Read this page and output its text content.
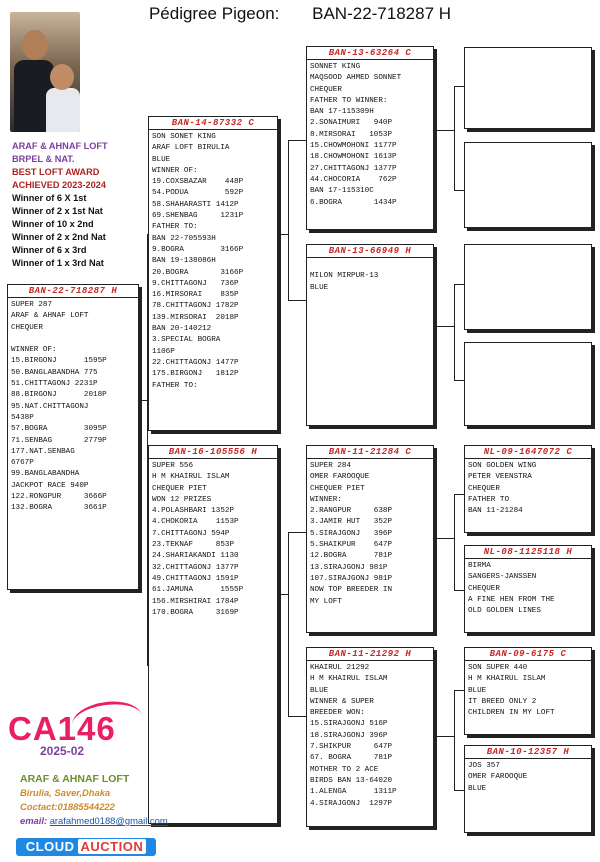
Pédigree Pigeon: BAN-22-718287 H
ARAF & AHNAF LOFT
BRPEL & NAT.
BEST LOFT AWARD
ACHIEVED 2023-2024
Winner of 6 X 1st
Winner of 2 x 1st Nat
Winner of 10 x 2nd
Winner of 2 x 2nd Nat
Winner of 6 x 3rd
Winner of 1 x 3rd Nat
BAN-22-718287 H
SUPER 287
ARAF & AHNAF LOFT
CHEQUER

WINNER OF:
15.BIRGONJ      1595P
50.BANGLABANDHA 775
51.CHITTAGONJ 2231P
88.BIRGONJ      2018P
95.NAT.CHITTAGONJ
5438P
57.BOGRA        3095P
71.SENBAG       2779P
177.NAT.SENBAG
6767P
99.BANGLABANDHA
JACKPOT RACE 940P
122.RONGPUR     3666P
132.BOGRA       3661P
BAN-14-87332 C
SON SONET KING
ARAF LOFT BIRULIA
BLUE
WINNER OF:
19.COXSBAZAR    448P
54.PODUA        592P
58.SHAHARASTI 1412P
69.SHENBAG     1231P
FATHER TO:
BAN 22-705593H
9.BOGRA        3166P
BAN 19-138086H
20.BOGRA       3166P
9.CHITTAGONJ   736P
16.MIRSORAI    835P
78.CHITTAGONJ 1782P
139.MIRSORAI  2018P
BAN 20-140212
3.SPECIAL BOGRA
1106P
22.CHITTAGONJ 1477P
175.BIRGONJ   1812P
FATHER TO:
BAN-16-105556 H
SUPER 556
H M KHAIRUL ISLAM
CHEQUER PIET
WON 12 PRIZES
4.POLASHBARI 1352P
4.CHOKORIA    1153P
7.CHITTAGONJ 594P
23.TEKNAF     853P
24.SHARIAKANDI 1130
32.CHITTAGONJ 1377P
49.CHITTAGONJ 1591P
61.JAMUNA      1555P
156.MIRSHIRAI 1784P
170.BOGRA     3169P
BAN-13-63264 C
SONNET KING
MAQSOOD AHMED SONNET
CHEQUER
FATHER TO WINNER:
BAN 17-115309H
2.SONAIMURI   940P
8.MIRSORAI   1053P
15.CHOWMOHONI 1177P
18.CHOWMOHONI 1613P
27.CHITTAGONJ 1377P
44.CHOCORIA    762P
BAN 17-115310C
6.BOGRA       1434P
BAN-13-66949 H

MILON MIRPUR-13
BLUE
BAN-11-21284 C
SUPER 284
OMER FAROOQUE
CHEQUER PIET
WINNER:
2.RANGPUR     638P
3.JAMIR HUT   352P
5.SIRAJGONJ   396P
5.SHAIKPUR    647P
12.BOGRA      781P
13.SIRAJGONJ 981P
107.SIRAJGONJ 981P
NOW TOP BREEDER IN
MY LOFT
BAN-11-21292 H
KHAIRUL 21292
H M KHAIRUL ISLAM
BLUE
WINNER & SUPER
BREEDER WON:
15.SIRAJGONJ 516P
18.SIRAJGONJ 396P
7.SHIKPUR     647P
67. BOGRA     781P
MOTHER TO 2 ACE
BIRDS BAN 13-64020
1.ALENGA      1311P
4.SIRAJGONJ  1297P
NL-09-1647072 C
SON GOLDEN WING
PETER VEENSTRA
CHEQUER
FATHER TO
BAN 11-21284
NL-08-1125118 H
BIRMA
SANGERS-JANSSEN
CHEQUER
A FINE HEN FROM THE
OLD GOLDEN LINES
BAN-09-6175 C
SON SUPER 440
H M KHAIRUL ISLAM
BLUE
IT BREED ONLY 2
CHILDREN IN MY LOFT
BAN-10-12357 H
JOS 357
OMER FAROOQUE
BLUE
CA146
2025-02
ARAF & AHNAF LOFT
Birulia, Saver,Dhaka
Coctact:01885544222
email: arafahmed0188@gmail.com
CLOUD AUCTION
